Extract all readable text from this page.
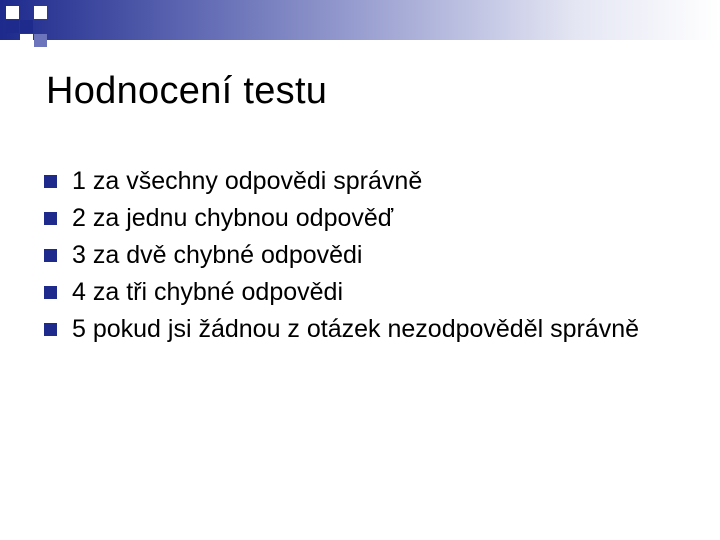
Hodnocení testu
1 za všechny odpovědi správně
2 za jednu chybnou odpověď
3 za dvě chybné odpovědi
4 za tři chybné odpovědi
5 pokud jsi žádnou z otázek nezodpověděl správně
